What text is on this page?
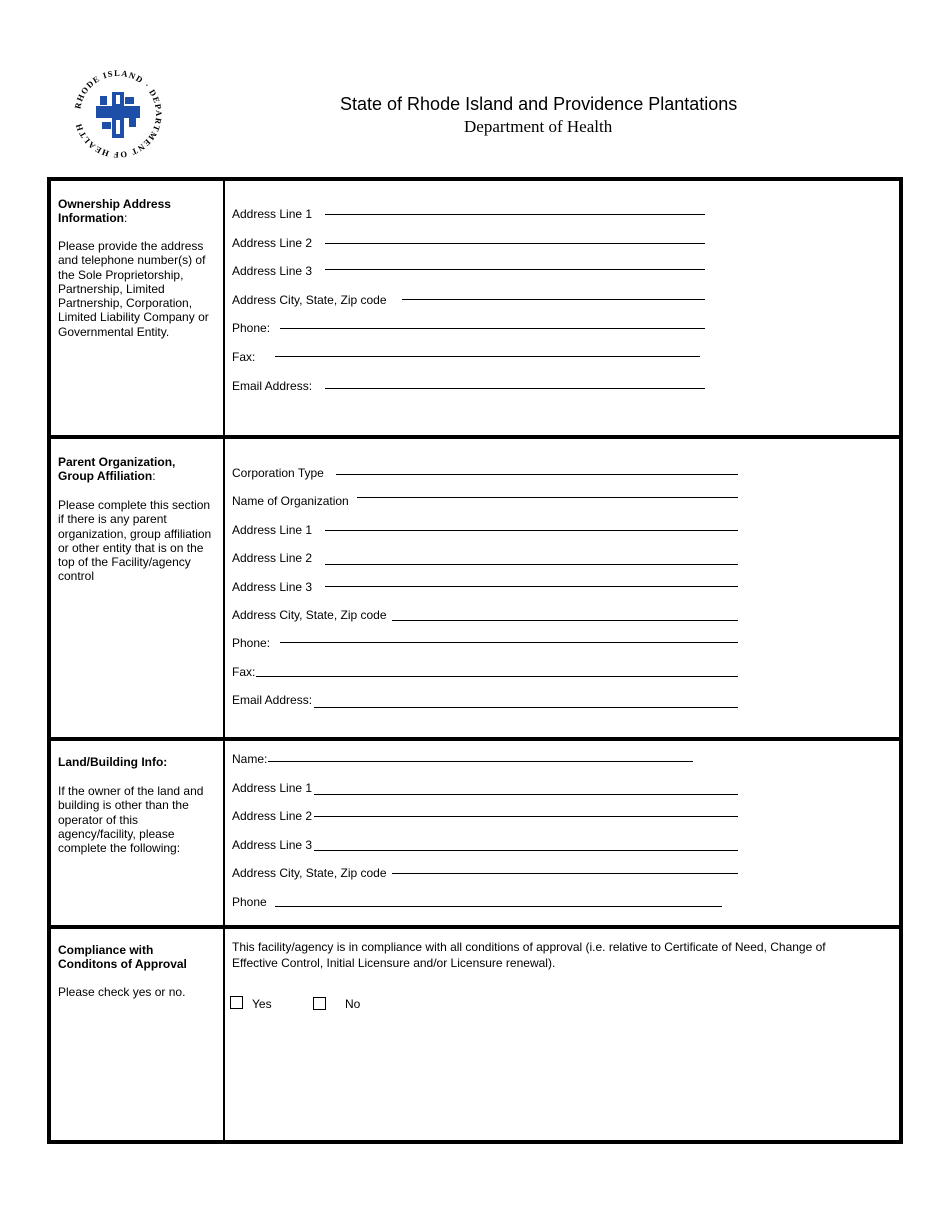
RHODE ISLAND · DEPARTMENT OF HEALTH
State of Rhode Island and Providence Plantations
Department of Health
Ownership Address Information:
Please provide the address and telephone number(s) of the Sole Proprietorship, Partnership, Limited Partnership, Corporation, Limited Liability Company or Governmental Entity.
Address Line 1
Address Line 2
Address Line 3
Address City, State, Zip code
Phone:
Fax:
Email Address:
Parent Organization, Group Affiliation:
Please complete this section if there is any parent organization, group affiliation or other entity that is on the top of the Facility/agency control
Corporation Type
Name of Organization
Address Line 1
Address Line 2
Address Line 3
Address City, State, Zip code
Phone:
Fax:
Email Address:
Land/Building Info:
If the owner of the land and building is other than the operator of this agency/facility, please complete the following:
Name:
Address Line 1
Address Line 2
Address Line 3
Address City, State, Zip code
Phone
Compliance with Conditons of Approval
Please check yes or no.
This facility/agency is in compliance with all conditions of approval (i.e. relative to Certificate of Need, Change of Effective Control, Initial Licensure and/or Licensure renewal).
Yes	No
